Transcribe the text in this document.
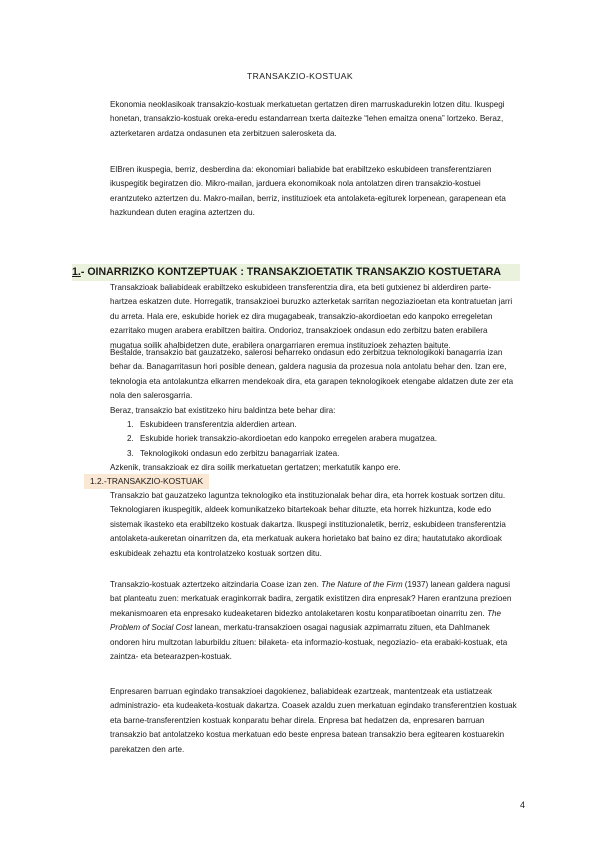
TRANSAKZIO-KOSTUAK

Ekonomia neoklasikoak transakzio-kostuak merkatuetan gertatzen diren marruskadurekin lotzen ditu. Ikuspegi honetan, transakzio-kostuak oreka-eredu estandarrean txerta daitezke “lehen emaitza onena” lortzeko. Beraz, azterketaren ardatza ondasunen eta zerbitzuen salerosketa da.

ElBren ikuspegia, berriz, desberdina da: ekonomiari baliabide bat erabiltzeko eskubideen transferentziaren ikuspegitik begiratzen dio. Mikro-mailan, jarduera ekonomikoak nola antolatzen diren transakzio-kostuei erantzuteko aztertzen du. Makro-mailan, berriz, instituzioek eta antolaketa-egiturek lorpenean, garapenean eta hazkundean duten eragina aztertzen du.

1.- OINARRIZKO KONTZEPTUAK : TRANSAKZIOETATIK TRANSAKZIO KOSTUETARA

Transakzioak baliabideak erabiltzeko eskubideen transferentzia dira, eta beti gutxienez bi alderdiren parte-hartzea eskatzen dute. Horregatik, transakzioei buruzko azterketak sarritan negoziazioetan eta kontratuetan jarri du arreta. Hala ere, eskubide horiek ez dira mugagabeak, transakzio-akordioetan edo kanpoko erregeletan ezarritako mugen arabera erabiltzen baitira. Ondorioz, transakzioek ondasun edo zerbitzu baten erabilera mugatua soilik ahalbidetzen dute, erabilera onargarriaren eremua instituzioek zehazten baitute.

Bestalde, transakzio bat gauzatzeko, salerosi beharreko ondasun edo zerbitzua teknologikoki banagarria izan behar da. Banagarritasun hori posible denean, galdera nagusia da prozesua nola antolatu behar den. Izan ere, teknologia eta antolakuntza elkarren mendekoak dira, eta garapen teknologikoek etengabe aldatzen dute zer eta nola den salerosgarria.

Beraz, transakzio bat existitzeko hiru baldintza bete behar dira:

1. Eskubideen transferentzia alderdien artean.
2. Eskubide horiek transakzio-akordioetan edo kanpoko erregelen arabera mugatzea.
3. Teknologikoki ondasun edo zerbitzu banagarriak izatea.

Azkenik, transakzioak ez dira soilik merkatuetan gertatzen; merkatutik kanpo ere.

1.2.-TRANSAKZIO-KOSTUAK

Transakzio bat gauzatzeko laguntza teknologiko eta instituzionalak behar dira, eta horrek kostuak sortzen ditu. Teknologiaren ikuspegitik, aldeek komunikatzeko bitartekoak behar dituzte, eta horrek hizkuntza, kode edo sistemak ikasteko eta erabiltzeko kostuak dakartza. Ikuspegi instituzionaletik, berriz, eskubideen transferentzia antolaketa-aukeretan oinarritzen da, eta merkatuak aukera horietako bat baino ez dira; hautatutako akordioak eskubideak zehaztu eta kontrolatzeko kostuak sortzen ditu.

Transakzio-kostuak aztertzeko aitzindaria Coase izan zen. The Nature of the Firm (1937) lanean galdera nagusi bat planteatu zuen: merkatuak eraginkorrak badira, zergatik existitzen dira enpresak? Haren erantzuna prezioen mekanismoaren eta enpresako kudeaketaren bidezko antolaketaren kostu konparatiboetan oinarritu zen. The Problem of Social Cost lanean, merkatu-transakzioen osagai nagusiak azpimarratu zituen, eta Dahlmanek ondoren hiru multzotan laburbildu zituen: bilaketa- eta informazio-kostuak, negoziazio- eta erabaki-kostuak, eta zaintza- eta betearazpen-kostuak.

Enpresaren barruan egindako transakzioei dagokienez, baliabideak ezartzeak, mantentzeak eta ustiatzeak administrazio- eta kudeaketa-kostuak dakartza. Coasek azaldu zuen merkatuan egindako transferentzien kostuak eta barne-transferentzien kostuak konparatu behar direla. Enpresa bat hedatzen da, enpresaren barruan transakzio bat antolatzeko kostua merkatuan edo beste enpresa batean transakzio bera egitearen kostuarekin parekatzen den arte.

4
